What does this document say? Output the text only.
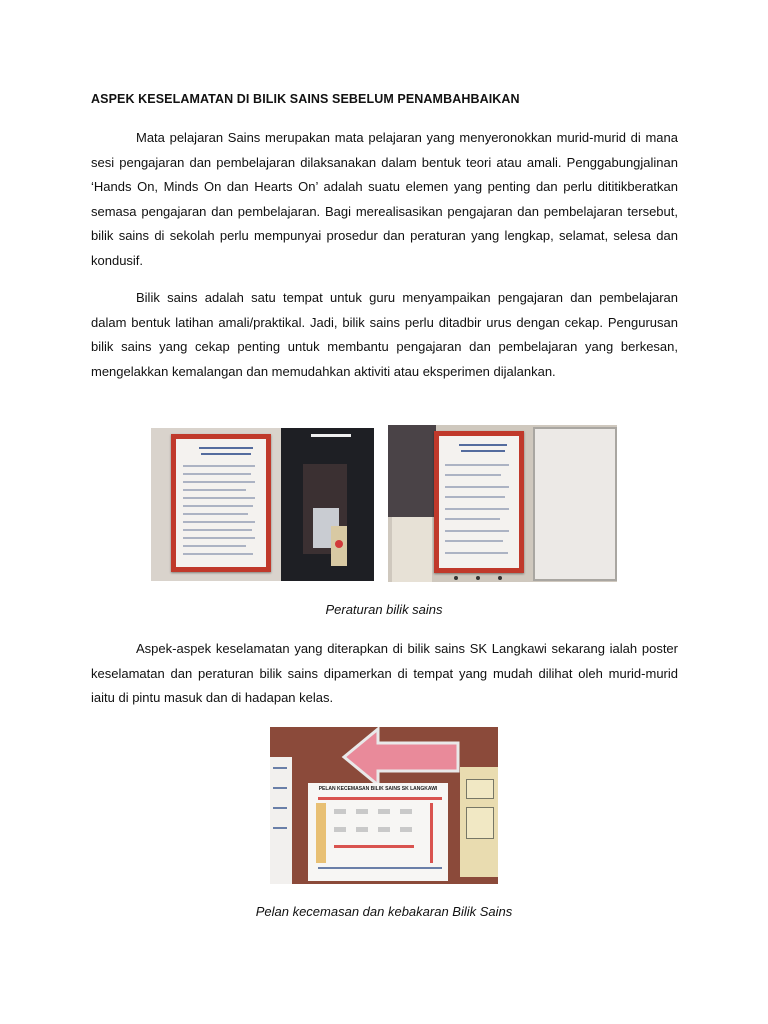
ASPEK KESELAMATAN DI BILIK SAINS SEBELUM PENAMBAHBAIKAN

Mata pelajaran Sains merupakan mata pelajaran yang menyeronokkan murid-murid di mana sesi pengajaran dan pembelajaran dilaksanakan dalam bentuk teori atau amali. Penggabungjalinan ‘Hands On, Minds On dan Hearts On’ adalah suatu elemen yang penting dan perlu dititikberatkan semasa pengajaran dan pembelajaran. Bagi merealisasikan pengajaran dan pembelajaran tersebut, bilik sains di sekolah perlu mempunyai prosedur dan peraturan yang lengkap, selamat, selesa dan kondusif.

Bilik sains adalah satu tempat untuk guru menyampaikan pengajaran dan pembelajaran dalam bentuk latihan amali/praktikal. Jadi, bilik sains perlu ditadbir urus dengan cekap. Pengurusan bilik sains yang cekap penting untuk membantu pengajaran dan pembelajaran yang berkesan, mengelakkan kemalangan dan memudahkan aktiviti atau eksperimen dijalankan.

Peraturan bilik sains

Aspek-aspek keselamatan yang diterapkan di bilik sains SK Langkawi sekarang ialah poster keselamatan dan peraturan bilik sains dipamerkan di tempat yang mudah dilihat oleh murid-murid iaitu di pintu masuk dan di hadapan kelas.

PELAN KECEMASAN BILIK SAINS SK LANGKAWI

Pelan kecemasan dan kebakaran Bilik Sains
